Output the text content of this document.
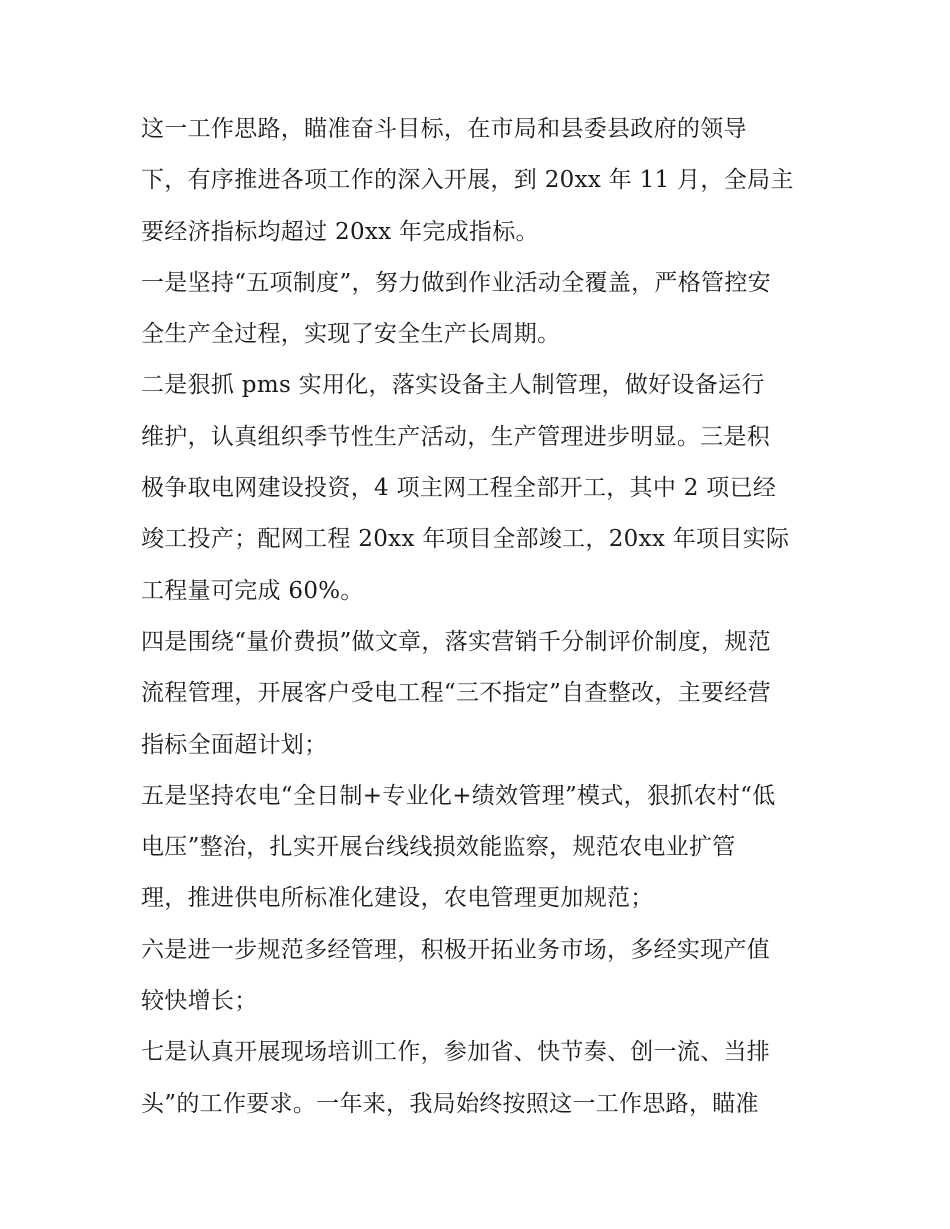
这一工作思路，瞄准奋斗目标，在市局和县委县政府的领导
下，有序推进各项工作的深入开展，到 20xx 年 11 月，全局主
要经济指标均超过 20xx 年完成指标。
一是坚持“五项制度”，努力做到作业活动全覆盖，严格管控安
全生产全过程，实现了安全生产长周期。
二是狠抓 pms 实用化，落实设备主人制管理，做好设备运行
维护，认真组织季节性生产活动，生产管理进步明显。三是积
极争取电网建设投资，4 项主网工程全部开工，其中 2 项已经
竣工投产；配网工程 20xx 年项目全部竣工，20xx 年项目实际
工程量可完成 60%。
四是围绕“量价费损”做文章，落实营销千分制评价制度，规范
流程管理，开展客户受电工程“三不指定”自查整改，主要经营
指标全面超计划；
五是坚持农电“全日制+专业化+绩效管理”模式，狠抓农村“低
电压”整治，扎实开展台线线损效能监察，规范农电业扩管
理，推进供电所标准化建设，农电管理更加规范；
六是进一步规范多经管理，积极开拓业务市场，多经实现产值
较快增长；
七是认真开展现场培训工作，参加省、快节奏、创一流、当排
头”的工作要求。一年来，我局始终按照这一工作思路，瞄准
